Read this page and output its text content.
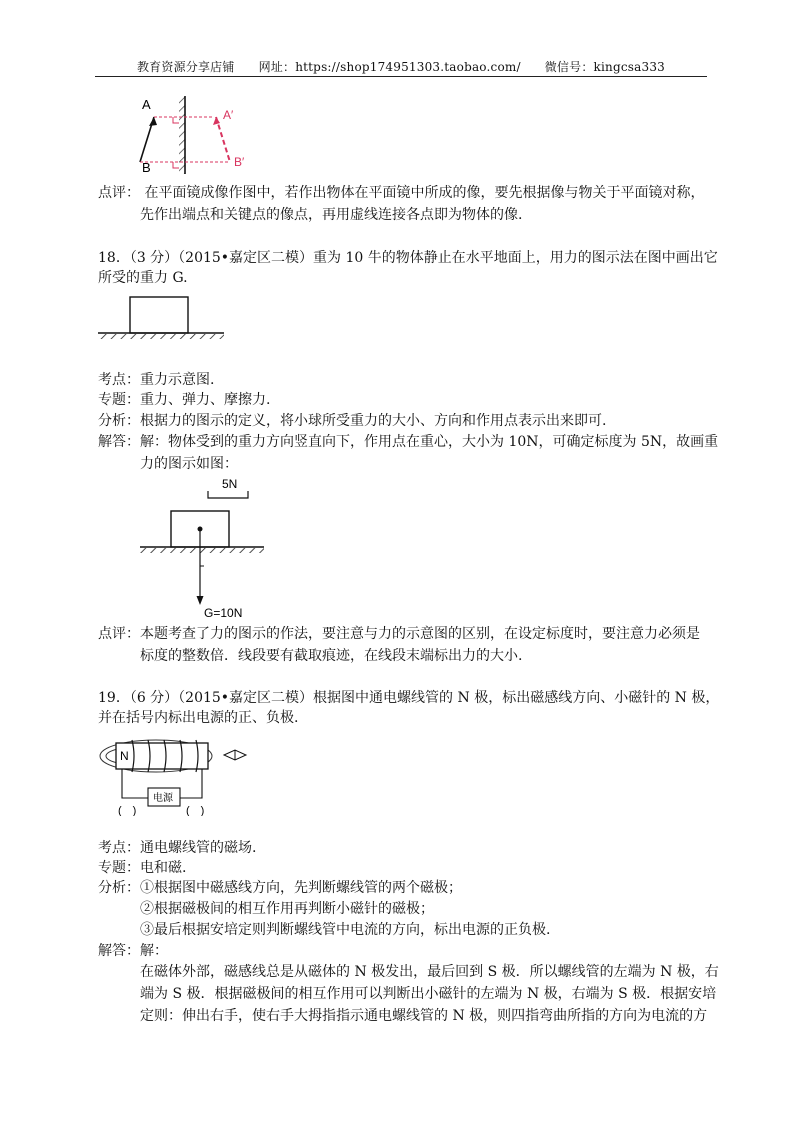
教育资源分享店铺 网址：https://shop174951303.taobao.com/ 微信号：kingcsa333
A
B
A′
B′
点评： 在平面镜成像作图中，若作出物体在平面镜中所成的像，要先根据像与物关于平面镜对称，
先作出端点和关键点的像点，再用虚线连接各点即为物体的像.
18．（3 分）（2015•嘉定区二模）重为 10 牛的物体静止在水平地面上，用力的图示法在图中画出它
所受的重力 G.
考点：重力示意图.
专题：重力、弹力、摩擦力.
分析：根据力的图示的定义，将小球所受重力的大小、方向和作用点表示出来即可.
解答：解：物体受到的重力方向竖直向下，作用点在重心，大小为 10N，可确定标度为 5N，故画重
力的图示如图：
5N
G=10N
点评：本题考查了力的图示的作法，要注意与力的示意图的区别，在设定标度时，要注意力必须是
标度的整数倍．线段要有截取痕迹，在线段末端标出力的大小.
19．（6 分）（2015•嘉定区二模）根据图中通电螺线管的 N 极，标出磁感线方向、小磁针的 N 极，
并在括号内标出电源的正、负极.
N
电源
(　)	(　)
考点：通电螺线管的磁场.
专题：电和磁.
分析：①根据图中磁感线方向，先判断螺线管的两个磁极；
②根据磁极间的相互作用再判断小磁针的磁极；
③最后根据安培定则判断螺线管中电流的方向，标出电源的正负极.
解答：解：
在磁体外部，磁感线总是从磁体的 N 极发出，最后回到 S 极．所以螺线管的左端为 N 极，右
端为 S 极．根据磁极间的相互作用可以判断出小磁针的左端为 N 极，右端为 S 极．根据安培
定则：伸出右手，使右手大拇指指示通电螺线管的 N 极，则四指弯曲所指的方向为电流的方
